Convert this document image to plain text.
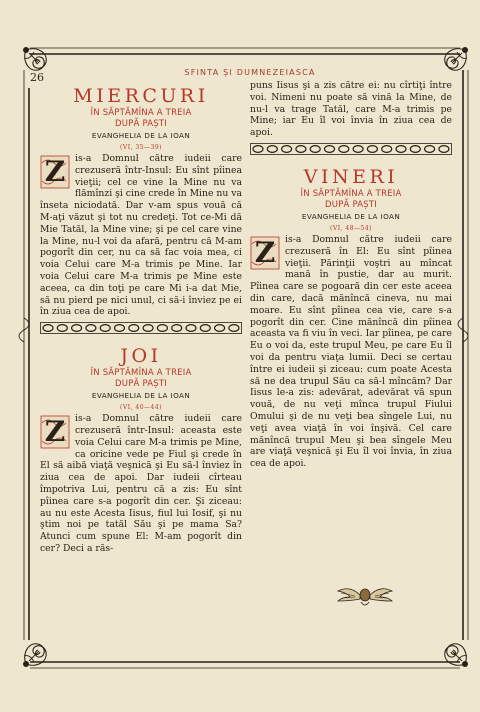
26	SFINTA ȘI DUMNEZEIASCA
MIERCURI
ÎN SĂPTĂMÎNA A TREIA
DUPĂ PAȘTI
EVANGHELIA DE LA IOAN
(VI, 35—39)

Z	is-a Domnul către iudeii care crezuseră într-Insul: Eu sînt pîinea vieţii; cel ce vine la Mine nu va flămînzi şi cine crede în Mine nu va înseta niciodată. Dar v-am spus vouă că M-aţi văzut şi tot nu credeţi. Tot ce-Mi dă Mie Tatăl, la Mine vine; şi pe cel care vine la Mine, nu-l voi da afară, pentru că M-am pogorît din cer, nu ca să fac voia mea, ci voia Celui care M-a trimis pe Mine. Iar voia Celui care M-a trimis pe Mine este aceea, ca din toţi pe care Mi i-a dat Mie, să nu pierd pe nici unul, ci să-i înviez pe ei în ziua cea de apoi.

JOI
ÎN SĂPTĂMÎNA A TREIA
DUPĂ PAȘTI
EVANGHELIA DE LA IOAN
(VI, 40—44)

Z	is-a Domnul către iudeii care crezuseră într-Insul: aceasta este voia Celui care M-a trimis pe Mine, ca oricine vede pe Fiul şi crede în El să aibă viaţă veşnică şi Eu să-l înviez în ziua cea de apoi. Dar iudeii cîrteau împotriva Lui, pentru că a zis: Eu sînt pîinea care s-a pogorît din cer. Şi ziceau: au nu este Acesta Iisus, fiul lui Iosif, şi nu ştim noi pe tatăl Său şi pe mama Sa? Atunci cum spune El: M-am pogorît din cer? Deci a răs-

puns Iisus şi a zis către ei: nu cîrtiţi între voi. Nimeni nu poate să vină la Mine, de nu-l va trage Tatăl, care M-a trimis pe Mine; iar Eu îl voi învia în ziua cea de apoi.

VINERI
ÎN SĂPTĂMÎNA A TREIA
DUPĂ PAȘTI
EVANGHELIA DE LA IOAN
(VI, 48—54)

Z	is-a Domnul către iudeii care crezuseră în El: Eu sînt pîinea vieţii. Părinţii voştri au mîncat mană în pustie, dar au murit. Pîinea care se pogoară din cer este aceea din care, dacă mănîncă cineva, nu mai moare. Eu sînt pîinea cea vie, care s-a pogorît din cer. Cine mănîncă din pîinea aceasta va fi viu în veci. Iar pîinea, pe care Eu o voi da, este trupul Meu, pe care Eu îl voi da pentru viaţa lumii. Deci se certau între ei iudeii şi ziceau: cum poate Acesta să ne dea trupul Său ca să-l mîncăm? Dar Iisus le-a zis: adevărat, adevărat vă spun vouă, de nu veţi mînca trupul Fiului Omului şi de nu veţi bea sîngele Lui, nu veţi avea viaţă în voi înşivă. Cel care mănîncă trupul Meu şi bea sîngele Meu are viaţă veşnică şi Eu îl voi învia, în ziua cea de apoi.
